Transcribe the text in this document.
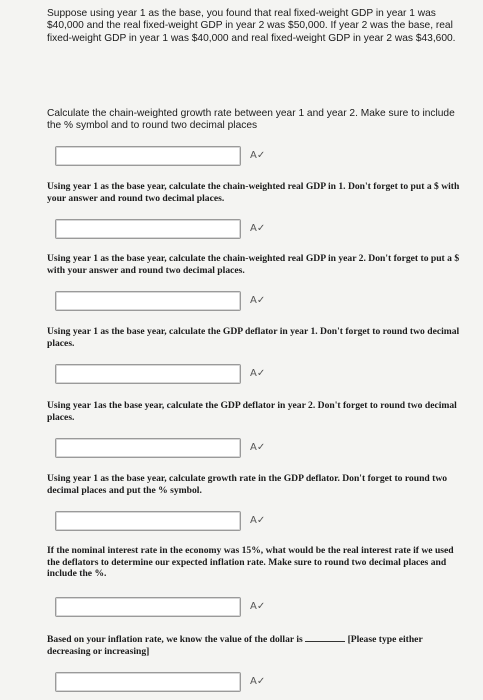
Suppose using year 1 as the base, you found that real fixed-weight GDP in year 1 was $40,000 and the real fixed-weight GDP in year 2 was $50,000. If year 2 was the base, real fixed-weight GDP in year 1 was $40,000 and real fixed-weight GDP in year 2 was $43,600.
Calculate the chain-weighted growth rate between year 1 and year 2. Make sure to include the % symbol and to round two decimal places
A✓
Using year 1 as the base year, calculate the chain-weighted real GDP in 1. Don't forget to put a $ with your answer and round two decimal places.
A✓
Using year 1 as the base year, calculate the chain-weighted real GDP in year 2. Don't forget to put a $ with your answer and round two decimal places.
A✓
Using year 1 as the base year, calculate the GDP deflator in year 1. Don't forget to round two decimal places.
A✓
Using year 1as the base year, calculate the GDP deflator in year 2. Don't forget to round two decimal places.
A✓
Using year 1 as the base year, calculate growth rate in the GDP deflator. Don't forget to round two decimal places and put the % symbol.
A✓
If the nominal interest rate in the economy was 15%, what would be the real interest rate if we used the deflators to determine our expected inflation rate. Make sure to round two decimal places and include the %.
A✓
Based on your inflation rate, we know the value of the dollar is	[Please type either decreasing or increasing]
A✓
